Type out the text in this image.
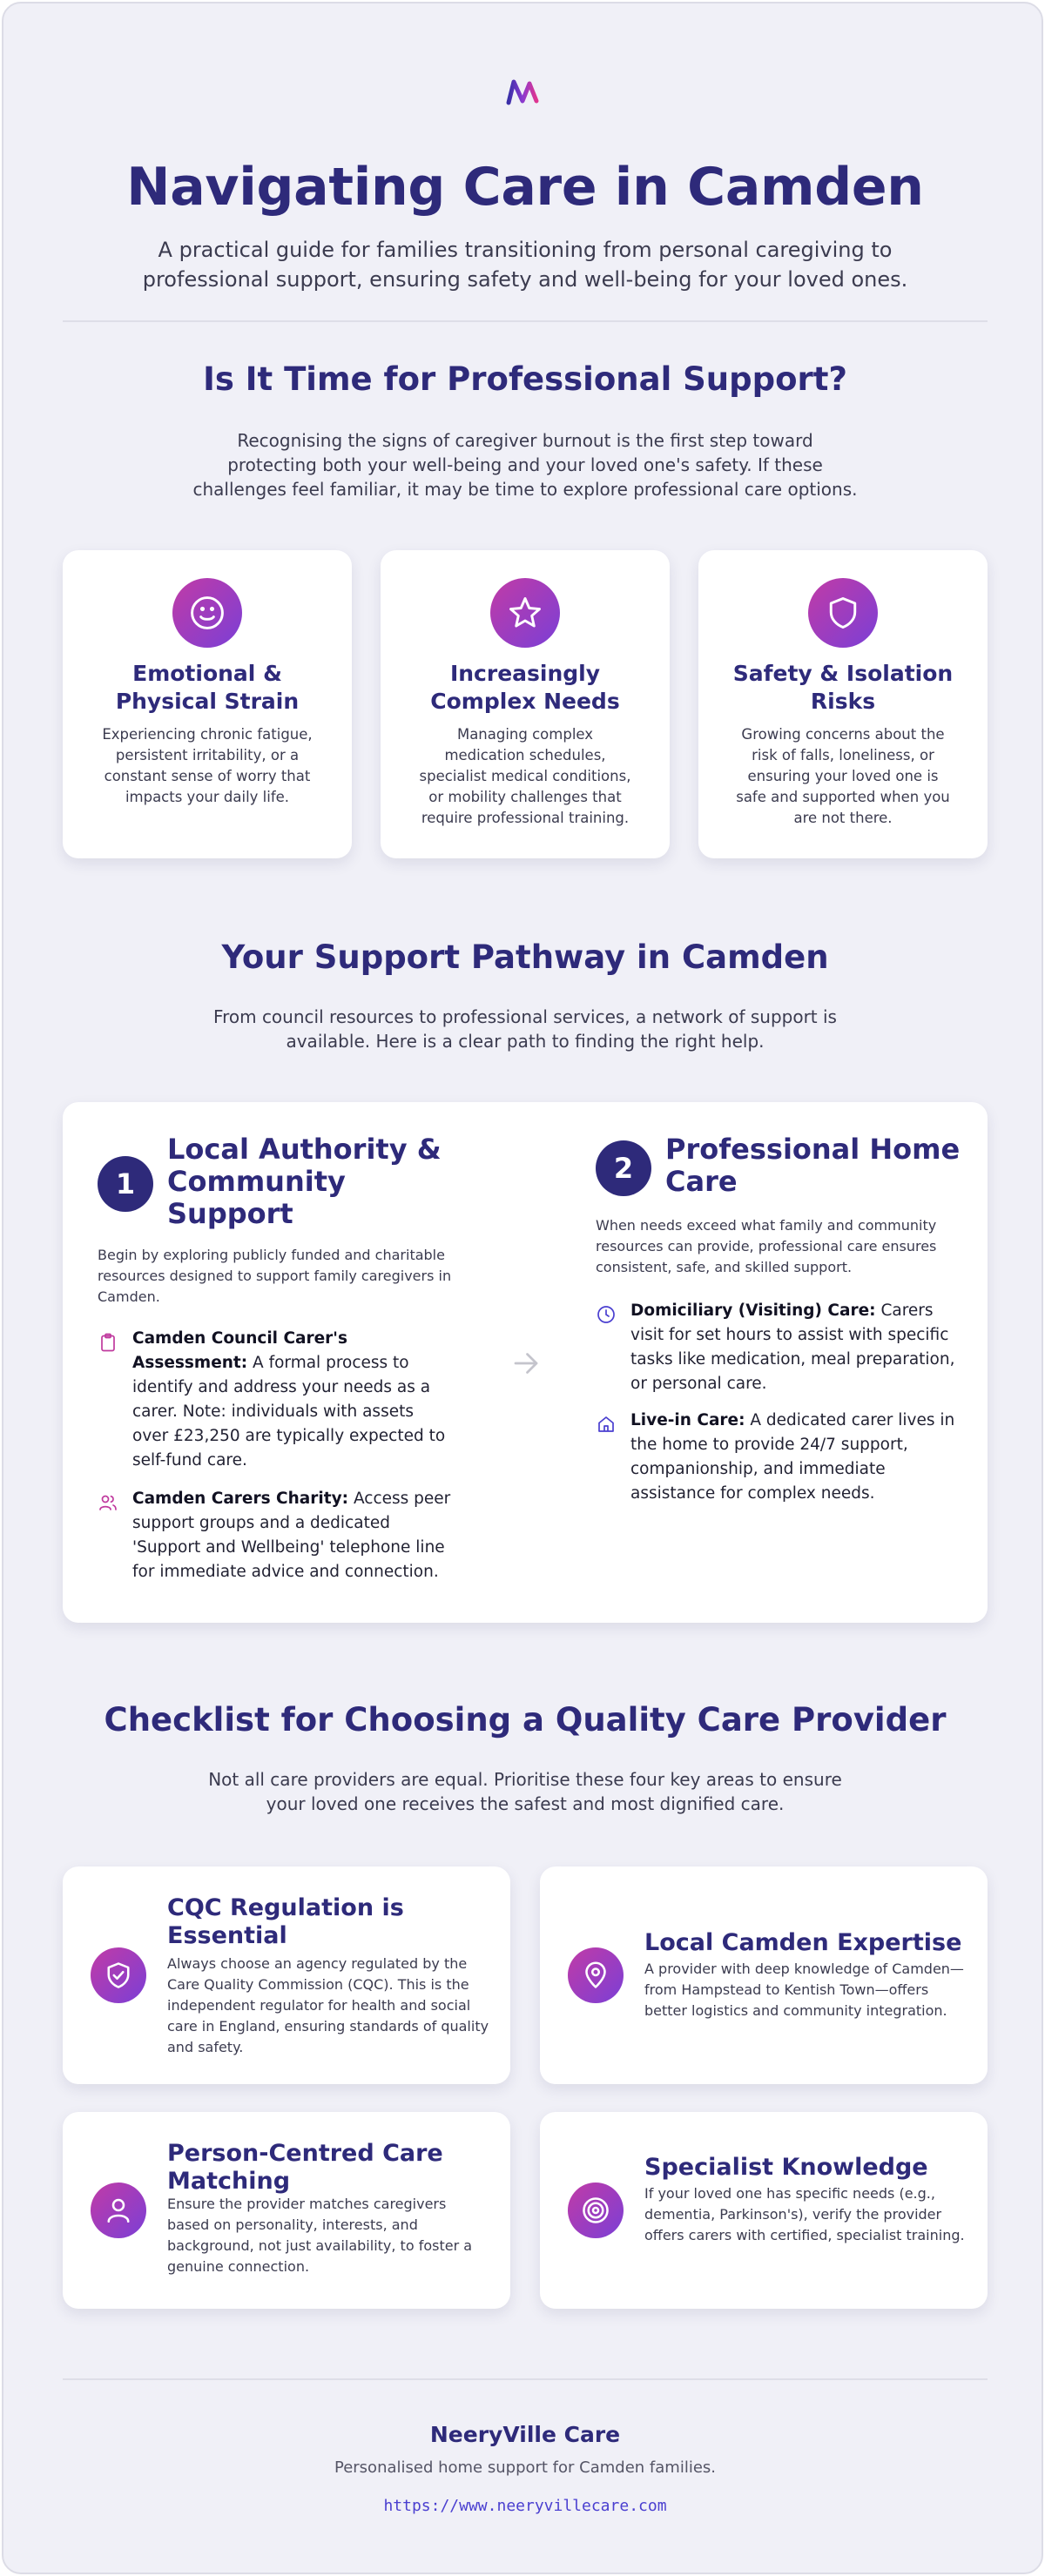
Navigating Care in Camden
A practical guide for families transitioning from personal caregiving to
professional support, ensuring safety and well-being for your loved ones.
Is It Time for Professional Support?
Recognising the signs of caregiver burnout is the first step toward
protecting both your well-being and your loved one's safety. If these
challenges feel familiar, it may be time to explore professional care options.
Emotional &
Physical Strain
Experiencing chronic fatigue, persistent irritability, or a constant sense of worry that impacts your daily life.
Increasingly
Complex Needs
Managing complex medication schedules, specialist medical conditions, or mobility challenges that require professional training.
Safety & Isolation
Risks
Growing concerns about the risk of falls, loneliness, or ensuring your loved one is safe and supported when you are not there.
Your Support Pathway in Camden
From council resources to professional services, a network of support is
available. Here is a clear path to finding the right help.
1
Local Authority & Community Support
Begin by exploring publicly funded and charitable resources designed to support family caregivers in Camden.
Camden Council Carer's Assessment: A formal process to identify and address your needs as a carer. Note: individuals with assets over £23,250 are typically expected to self-fund care.
Camden Carers Charity: Access peer support groups and a dedicated 'Support and Wellbeing' telephone line for immediate advice and connection.
2
Professional Home Care
When needs exceed what family and community resources can provide, professional care ensures consistent, safe, and skilled support.
Domiciliary (Visiting) Care: Carers visit for set hours to assist with specific tasks like medication, meal preparation, or personal care.
Live-in Care: A dedicated carer lives in the home to provide 24/7 support, companionship, and immediate assistance for complex needs.
Checklist for Choosing a Quality Care Provider
Not all care providers are equal. Prioritise these four key areas to ensure
your loved one receives the safest and most dignified care.
CQC Regulation is Essential
Always choose an agency regulated by the Care Quality Commission (CQC). This is the independent regulator for health and social care in England, ensuring standards of quality and safety.
Local Camden Expertise
A provider with deep knowledge of Camden—from Hampstead to Kentish Town—offers better logistics and community integration.
Person-Centred Care Matching
Ensure the provider matches caregivers based on personality, interests, and background, not just availability, to foster a genuine connection.
Specialist Knowledge
If your loved one has specific needs (e.g., dementia, Parkinson's), verify the provider offers carers with certified, specialist training.
NeeryVille Care
Personalised home support for Camden families.
https://www.neeryvillecare.com
